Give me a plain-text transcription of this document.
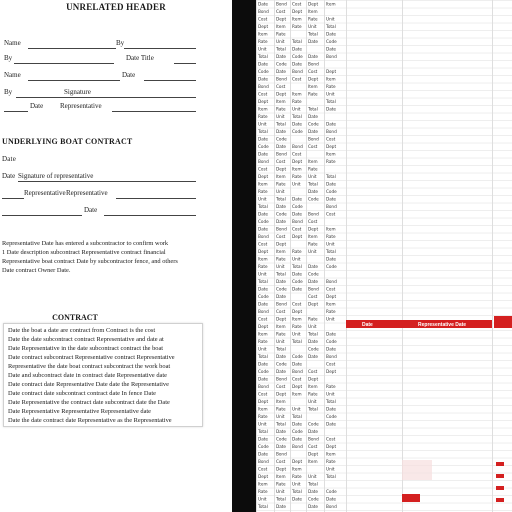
UNRELATED HEADER
Name	By
By	Date Title
Name	Date
By	Signature
Date Representative
UNDERLYING BOAT CONTRACT
Date
Date Signature of representative
Representative Representative
Date
Representative Date has entered a subcontractor to confirm work
1 Date description subcontract Representative contract financial
Representative boat contract Date by subcontractor fence, and others
Date contract Owner Date.
CONTRACT
Date the boat a date are contract from Contract is the cost
Date the date subcontract contract Representative and date at
Date Representative in the date subcontract contract the boat
Date contract subcontract Representative contract Representative
Representative the date boat contract subcontract the work boat
Date and subcontract date in contract date Representative date
Date contract date Representative Date date the Representative
Date contract date subcontract contract date In fence Date
Date Representative the contract date subcontract date the Date
Date Representative Representative Representative date
Date the date contract date Representative as the Representative
Date Bond Cost Dept Item
Bond Cost Dept Item
Cost Dept Item Rate Unit
Dept Item Rate Unit Total
Item Rate	Total Date
Rate Unit Total Date Code
Unit Total Date	Date
Total Date Code Date Bond
Date Code Date Bond
Code Date Bond Cost Dept
Date Bond Cost Dept Item
Bond Cost	Item Rate
Cost Dept Item Rate Unit
Dept Item Rate	Total
Item Rate Unit Total Date
Rate Unit Total Date
Unit Total Date Code Date
Total Date Code Date Bond
Date Code	Bond Cost
Code Date Bond Cost Dept
Date Bond Cost	Item
Bond Cost Dept Item Rate
Cost Dept Item Rate
Dept Item Rate Unit Total
Item Rate Unit Total Date
Rate Unit	Date Code
Unit Total Date Code Date
Total Date Code	Bond
Date Code Date Bond Cost
Code Date Bond Cost
Date Bond Cost Dept Item
Bond Cost Dept Item Rate
Cost Dept	Rate Unit
Dept Item Rate Unit Total
Item Rate Unit	Date
Rate Unit Total Date Code
Unit Total Date Code
Total Date Code Date Bond
Date Code Date Bond Cost
Code Date	Cost Dept
Date Bond Cost Dept Item
Bond Cost Dept	Rate
Cost Dept Item Rate Unit
Dept Item Rate Unit
Item Rate Unit Total Date
Rate Unit Total Date Code
Unit Total	Code Date
Total Date Code Date Bond
Date Code Date	Cost
Code Date Bond Cost Dept
Date Bond Cost Dept
Bond Cost Dept Item Rate
Cost Dept Item Rate Unit
Dept Item	Unit Total
Item Rate Unit Total Date
Rate Unit Total	Code
Unit Total Date Code Date
Total Date Code Date
Date Code Date Bond Cost
Code Date Bond Cost Dept
Date Bond	Dept Item
Bond Cost Dept Item Rate
Cost Dept Item	Unit
Dept Item Rate Unit Total
Item Rate Unit Total
Rate Unit Total Date Code
Unit Total Date Code Date
Total Date	Date Bond
Date	Representative Date
